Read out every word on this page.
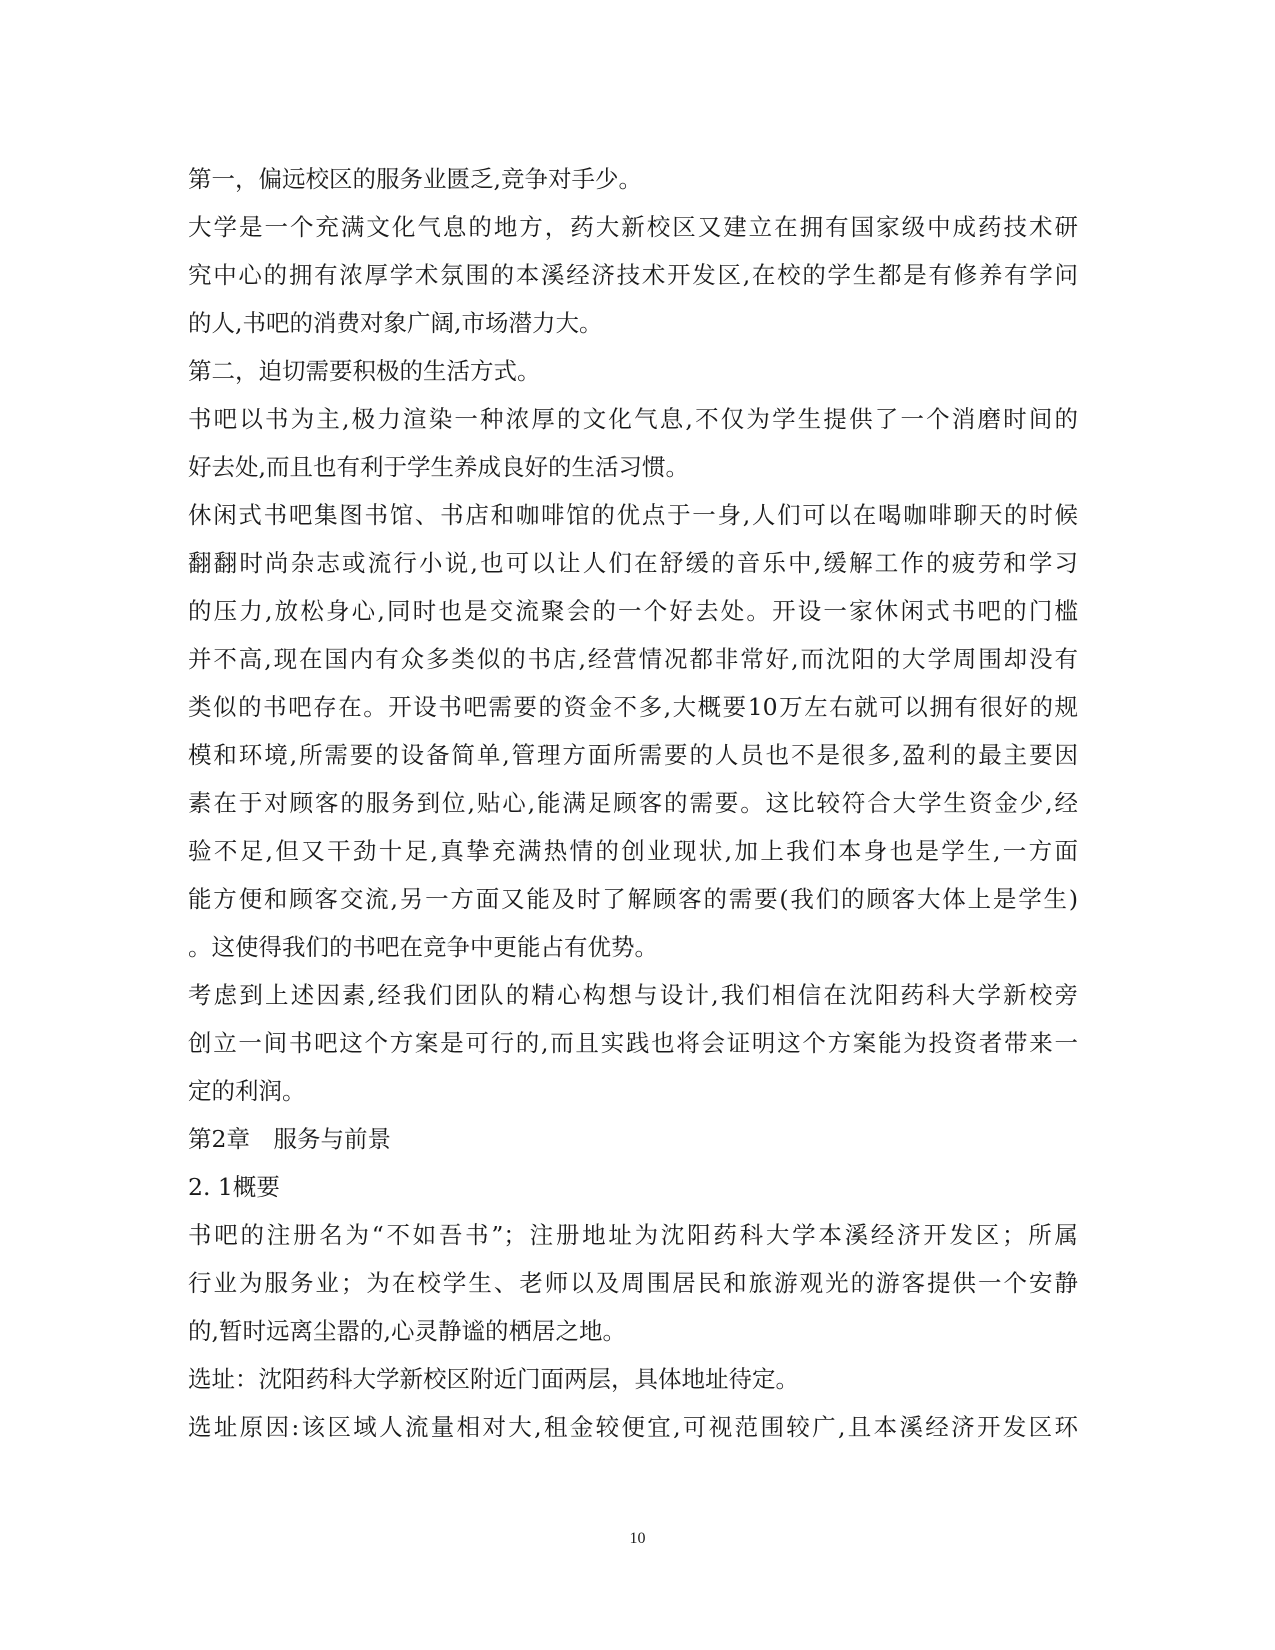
第一，偏远校区的服务业匮乏,竞争对手少。
大学是一个充满文化气息的地方，药大新校区又建立在拥有国家级中成药技术研
究中心的拥有浓厚学术氛围的本溪经济技术开发区,在校的学生都是有修养有学问
的人,书吧的消费对象广阔,市场潜力大。
第二，迫切需要积极的生活方式。
书吧以书为主,极力渲染一种浓厚的文化气息,不仅为学生提供了一个消磨时间的
好去处,而且也有利于学生养成良好的生活习惯。
休闲式书吧集图书馆、书店和咖啡馆的优点于一身,人们可以在喝咖啡聊天的时候
翻翻时尚杂志或流行小说,也可以让人们在舒缓的音乐中,缓解工作的疲劳和学习
的压力,放松身心,同时也是交流聚会的一个好去处。开设一家休闲式书吧的门槛
并不高,现在国内有众多类似的书店,经营情况都非常好,而沈阳的大学周围却没有
类似的书吧存在。开设书吧需要的资金不多,大概要10万左右就可以拥有很好的规
模和环境,所需要的设备简单,管理方面所需要的人员也不是很多,盈利的最主要因
素在于对顾客的服务到位,贴心,能满足顾客的需要。这比较符合大学生资金少,经
验不足,但又干劲十足,真挚充满热情的创业现状,加上我们本身也是学生,一方面
能方便和顾客交流,另一方面又能及时了解顾客的需要(我们的顾客大体上是学生)
。这使得我们的书吧在竞争中更能占有优势。
考虑到上述因素,经我们团队的精心构想与设计,我们相信在沈阳药科大学新校旁
创立一间书吧这个方案是可行的,而且实践也将会证明这个方案能为投资者带来一
定的利润。
第2章　服务与前景
2. 1概要
书吧的注册名为“不如吾书”；注册地址为沈阳药科大学本溪经济开发区；所属
行业为服务业；为在校学生、老师以及周围居民和旅游观光的游客提供一个安静
的,暂时远离尘嚣的,心灵静谧的栖居之地。
选址：沈阳药科大学新校区附近门面两层，具体地址待定。
选址原因:该区域人流量相对大,租金较便宜,可视范围较广,且本溪经济开发区环
10
